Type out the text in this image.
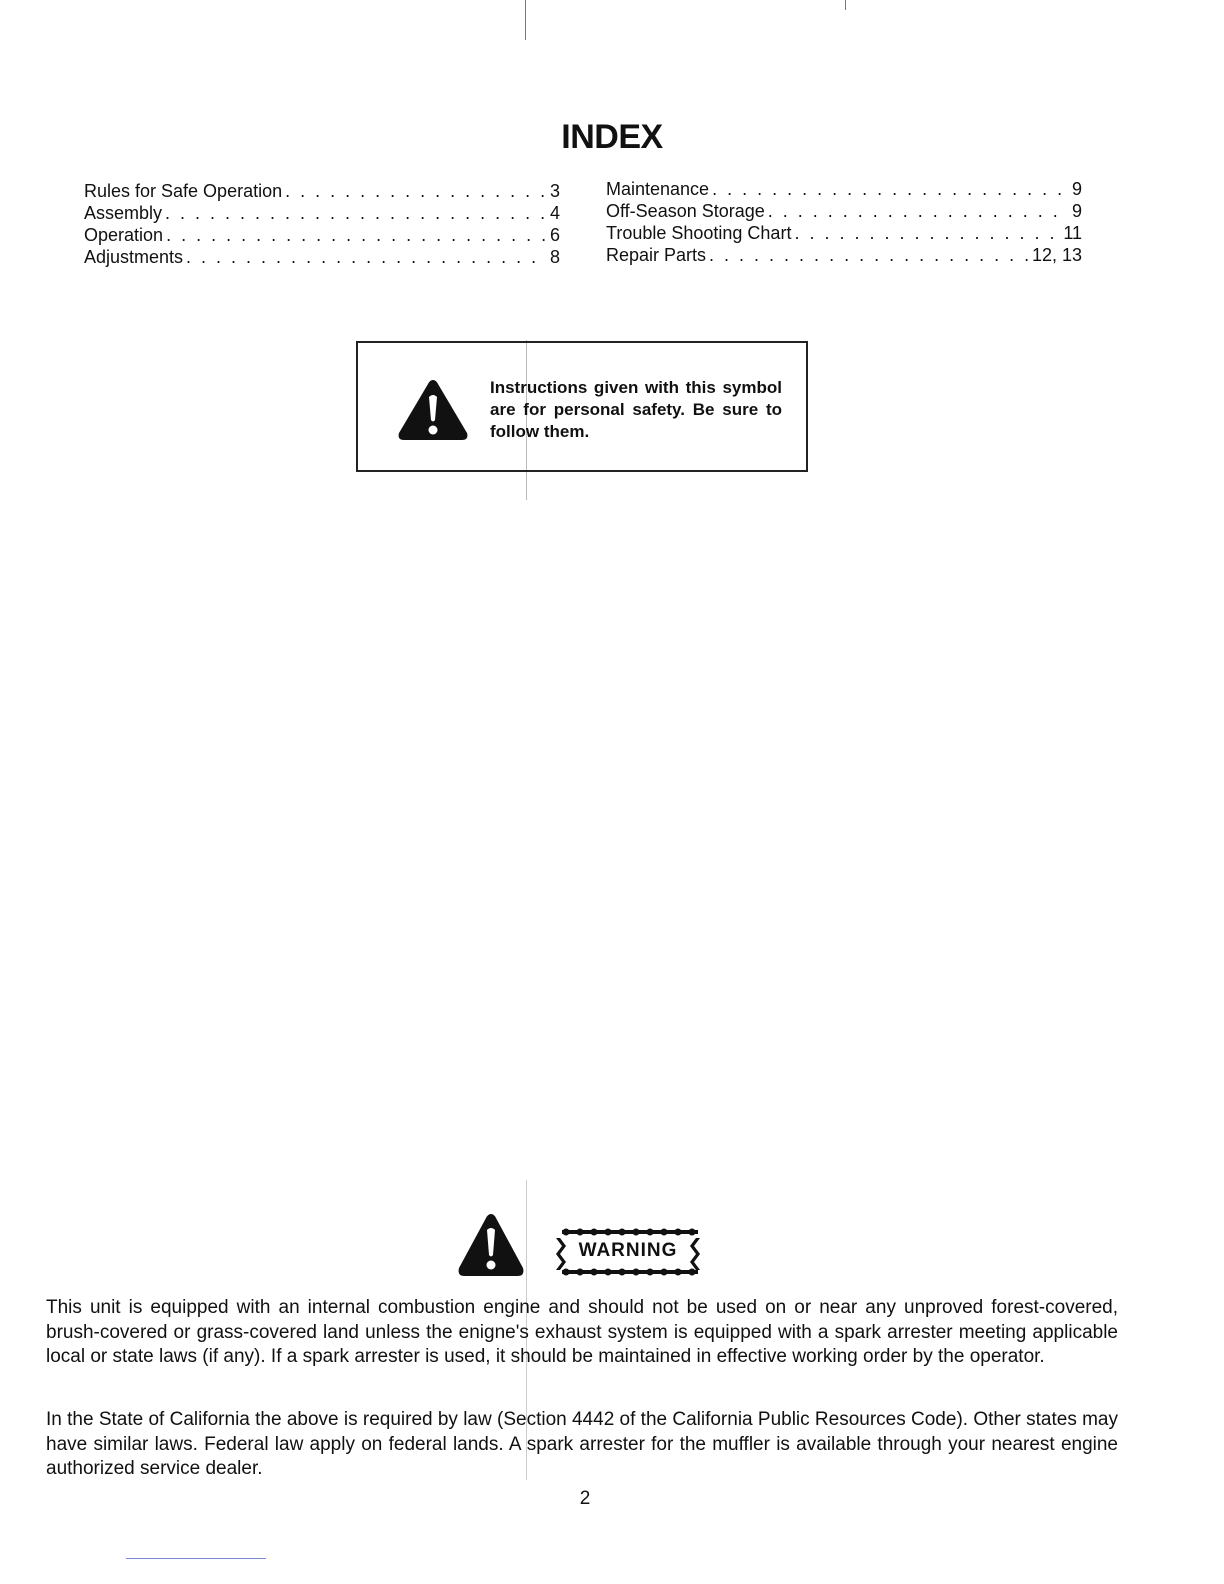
INDEX
Rules for Safe Operation . . .	3
Assembly . . .	4
Operation . . .	6
Adjustments . . .	8
Maintenance . . .	9
Off-Season Storage . . .	9
Trouble Shooting Chart . . .	11
Repair Parts . . .	12, 13
Instructions given with this symbol are for personal safety. Be sure to follow them.
WARNING
This unit is equipped with an internal combustion engine and should not be used on or near any unproved forest-covered, brush-covered or grass-covered land unless the enigne's exhaust system is equipped with a spark arrester meeting applicable local or state laws (if any). If a spark arrester is used, it should be maintained in effective working order by the operator.
In the State of California the above is required by law (Section 4442 of the California Public Resources Code). Other states may have similar laws. Federal law apply on federal lands. A spark arrester for the muffler is available through your nearest engine authorized service dealer.
2
